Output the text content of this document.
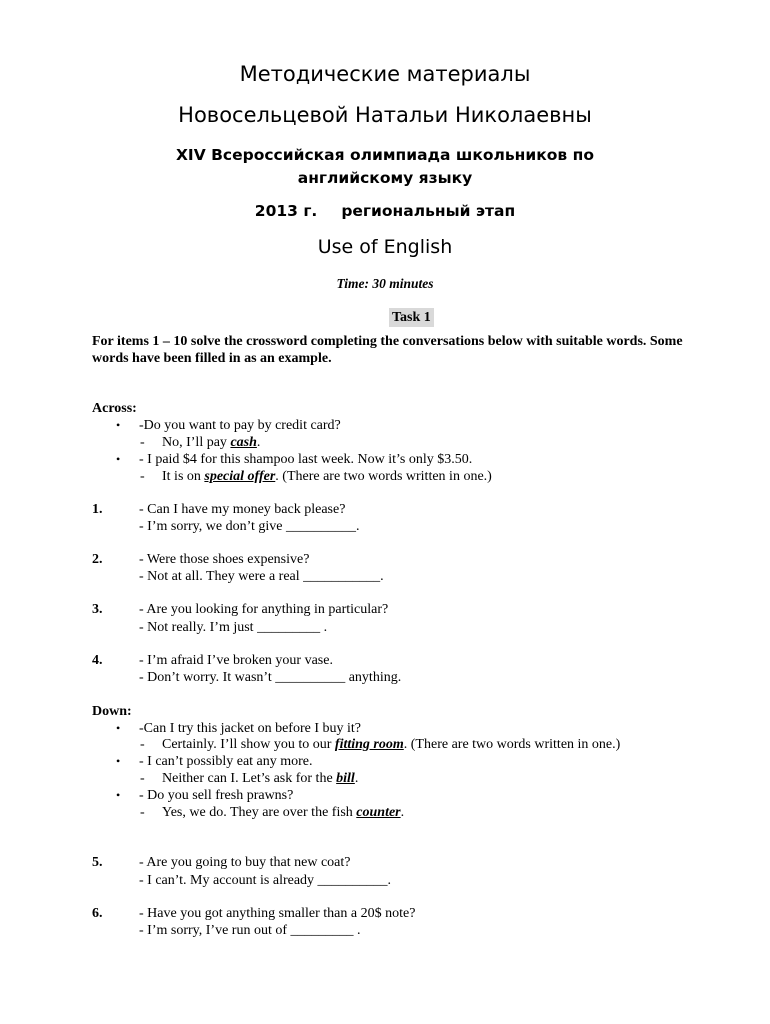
Методические материалы
Новосельцевой Натальи Николаевны
XIV Всероссийская олимпиада школьников по
английскому языку
2013 г. региональный этап
Use of English
Time: 30 minutes
Task 1
For items 1 – 10 solve the crossword completing the conversations below with suitable words. Some words have been filled in as an example.
Across:
• -Do you want to pay by credit card?
- No, I’ll pay cash.
• - I paid $4 for this shampoo last week. Now it’s only $3.50.
- It is on special offer. (There are two words written in one.)
1.	- Can I have my money back please?
- I’m sorry, we don’t give __________.
2.	- Were those shoes expensive?
- Not at all. They were a real ___________.
3.	- Are you looking for anything in particular?
- Not really. I’m just _________ .
4.	- I’m afraid I’ve broken your vase.
- Don’t worry. It wasn’t __________ anything.
Down:
• -Can I try this jacket on before I buy it?
- Certainly. I’ll show you to our fitting room. (There are two words written in one.)
• - I can’t possibly eat any more.
- Neither can I. Let’s ask for the bill.
• - Do you sell fresh prawns?
- Yes, we do. They are over the fish counter.
5.	- Are you going to buy that new coat?
- I can’t. My account is already __________.
6.	- Have you got anything smaller than a 20$ note?
- I’m sorry, I’ve run out of _________ .
